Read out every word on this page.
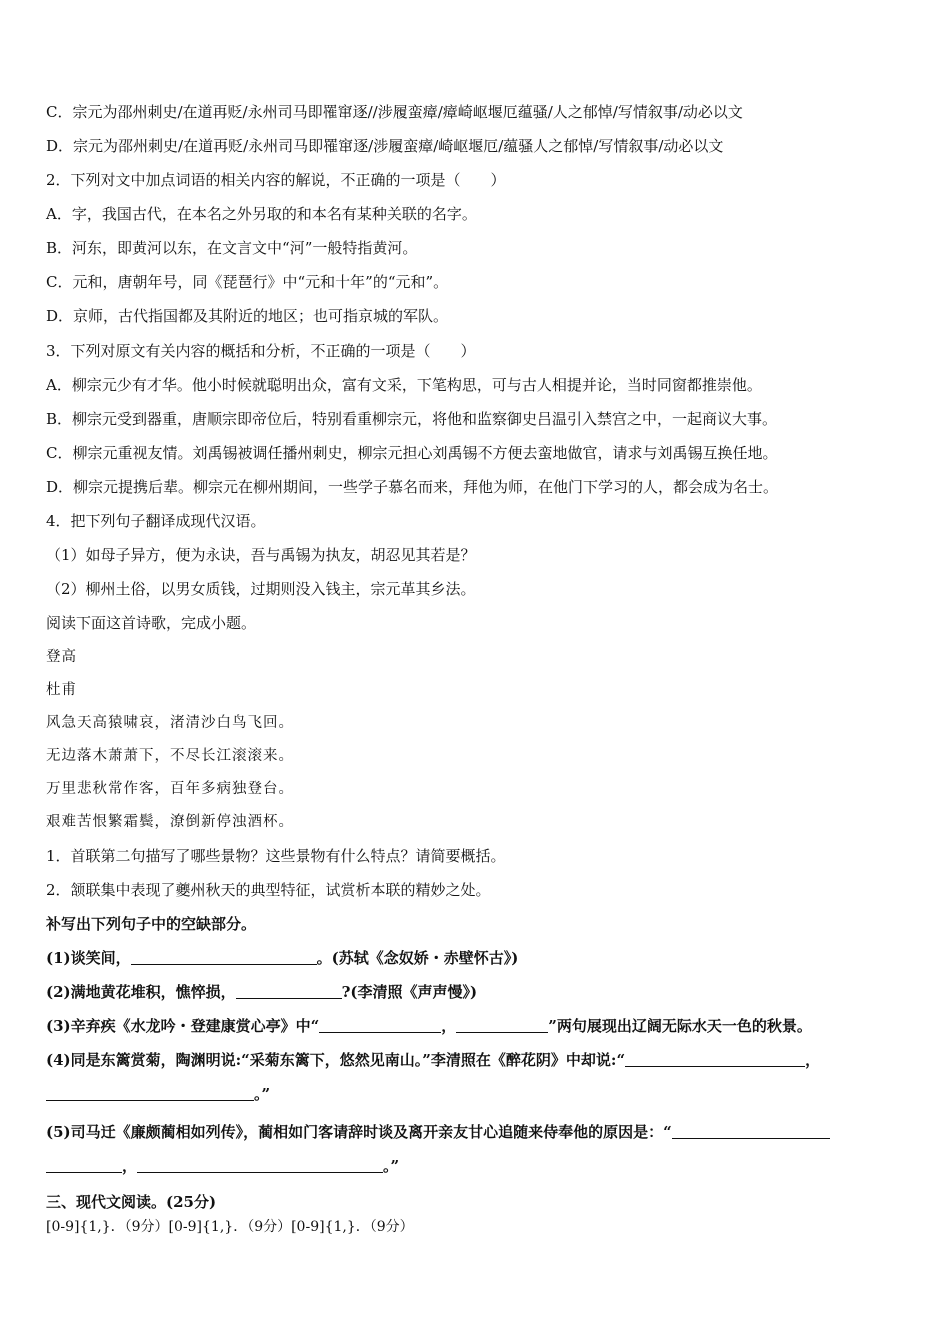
C．宗元为邵州刺史/在道再贬/永州司马即罹窜逐//涉履蛮瘴/瘴崎岖堰厄蕴骚/人之郁悼/写情叙事/动必以文
D．宗元为邵州刺史/在道再贬/永州司马即罹窜逐/涉履蛮瘴/崎岖堰厄/蕴骚人之郁悼/写情叙事/动必以文
2．下列对文中加点词语的相关内容的解说，不正确的一项是（　　）
A．字，我国古代，在本名之外另取的和本名有某种关联的名字。
B．河东，即黄河以东，在文言文中“河”一般特指黄河。
C．元和，唐朝年号，同《琵琶行》中“元和十年”的“元和”。
D．京师，古代指国都及其附近的地区；也可指京城的军队。
3．下列对原文有关内容的概括和分析，不正确的一项是（　　）
A．柳宗元少有才华。他小时候就聪明出众，富有文采，下笔构思，可与古人相提并论，当时同窗都推崇他。
B．柳宗元受到器重，唐顺宗即帝位后，特别看重柳宗元，将他和监察御史吕温引入禁宫之中，一起商议大事。
C．柳宗元重视友情。刘禹锡被调任播州刺史，柳宗元担心刘禹锡不方便去蛮地做官，请求与刘禹锡互换任地。
D．柳宗元提携后辈。柳宗元在柳州期间，一些学子慕名而来，拜他为师，在他门下学习的人，都会成为名士。
4．把下列句子翻译成现代汉语。
（1）如母子异方，便为永诀，吾与禹锡为执友，胡忍见其若是？
（2）柳州土俗，以男女质钱，过期则没入钱主，宗元革其乡法。
阅读下面这首诗歌，完成小题。
登高
杜甫
风急天高猿啸哀，渚清沙白鸟飞回。
无边落木萧萧下，不尽长江滚滚来。
万里悲秋常作客，百年多病独登台。
艰难苦恨繁霜鬓，潦倒新停浊酒杯。
1．首联第二句描写了哪些景物？这些景物有什么特点？请简要概括。
2．颔联集中表现了夔州秋天的典型特征，试赏析本联的精妙之处。
补写出下列句子中的空缺部分。
(1)谈笑间，	。(苏轼《念奴娇・赤壁怀古》)
(2)满地黄花堆积，憔悴损，	?(李清照《声声慢》)
(3)辛弃疾《水龙吟・登建康赏心亭》中“	，	”两句展现出辽阔无际水天一色的秋景。
(4)同是东篱赏菊，陶渊明说:“采菊东篱下，悠然见南山。”李清照在《醉花阴》中却说:“	，
。”
(5)司马迁《廉颇蔺相如列传》，蔺相如门客请辞时谈及离开亲友甘心追随来侍奉他的原因是：“
，	。”
三、现代文阅读。(25分)
[0-9]{1,}．（9分）[0-9]{1,}．（9分）[0-9]{1,}．（9分）
